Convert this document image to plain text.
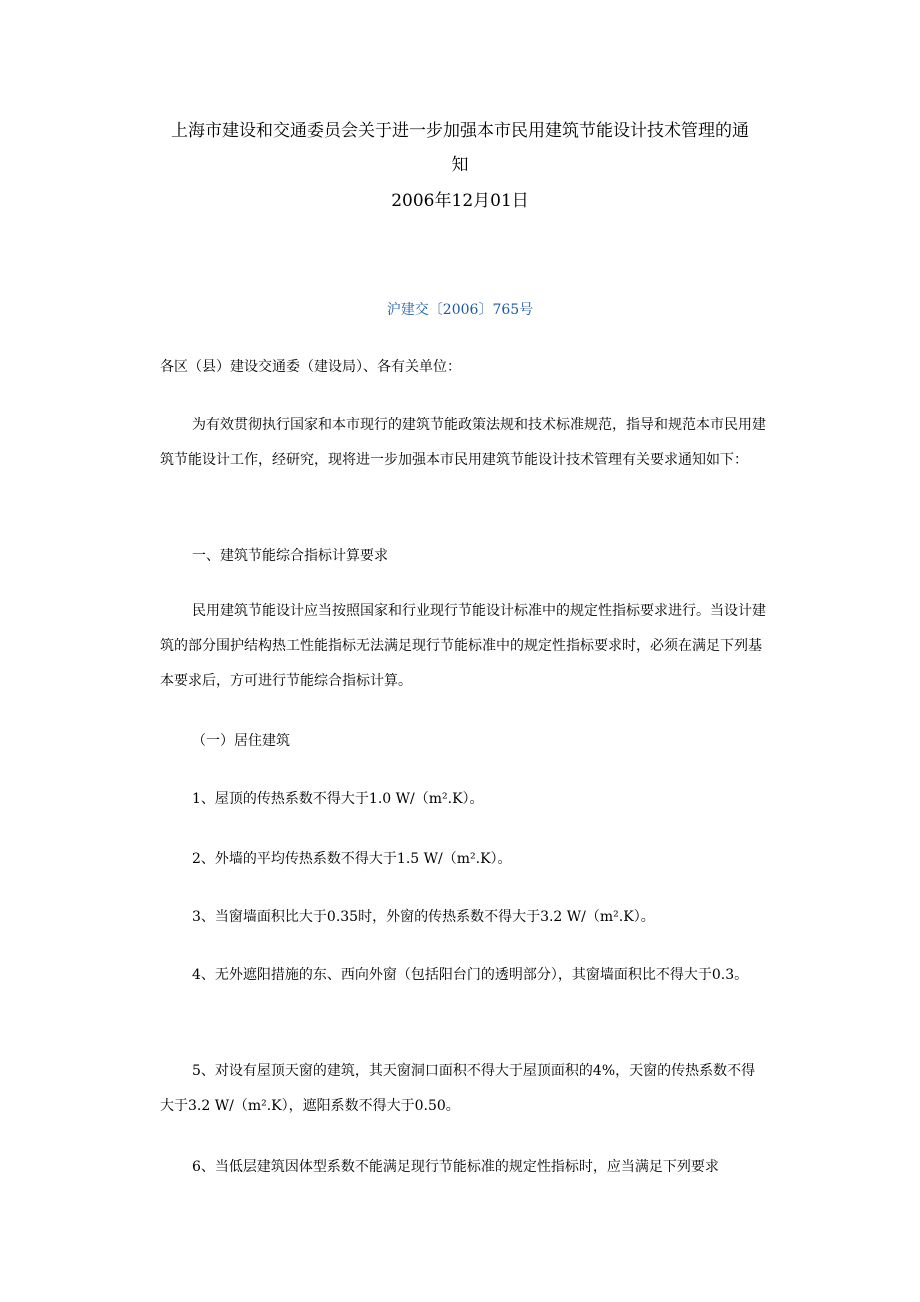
上海市建设和交通委员会关于进一步加强本市民用建筑节能设计技术管理的通
知
2006年12月01日
沪建交〔2006〕765号

各区（县）建设交通委（建设局）、各有关单位：

为有效贯彻执行国家和本市现行的建筑节能政策法规和技术标准规范，指导和规范本市民用建筑节能设计工作，经研究，现将进一步加强本市民用建筑节能设计技术管理有关要求通知如下：

一、建筑节能综合指标计算要求

民用建筑节能设计应当按照国家和行业现行节能设计标准中的规定性指标要求进行。当设计建筑的部分围护结构热工性能指标无法满足现行节能标准中的规定性指标要求时，必须在满足下列基本要求后，方可进行节能综合指标计算。

（一）居住建筑

1、屋顶的传热系数不得大于1.0 W/（m².K）。

2、外墙的平均传热系数不得大于1.5 W/（m².K）。

3、当窗墙面积比大于0.35时，外窗的传热系数不得大于3.2 W/（m².K）。

4、无外遮阳措施的东、西向外窗（包括阳台门的透明部分），其窗墙面积比不得大于0.3。

5、对设有屋顶天窗的建筑，其天窗洞口面积不得大于屋顶面积的4%，天窗的传热系数不得大于3.2 W/（m².K），遮阳系数不得大于0.50。

6、当低层建筑因体型系数不能满足现行节能标准的规定性指标时，应当满足下列要求
